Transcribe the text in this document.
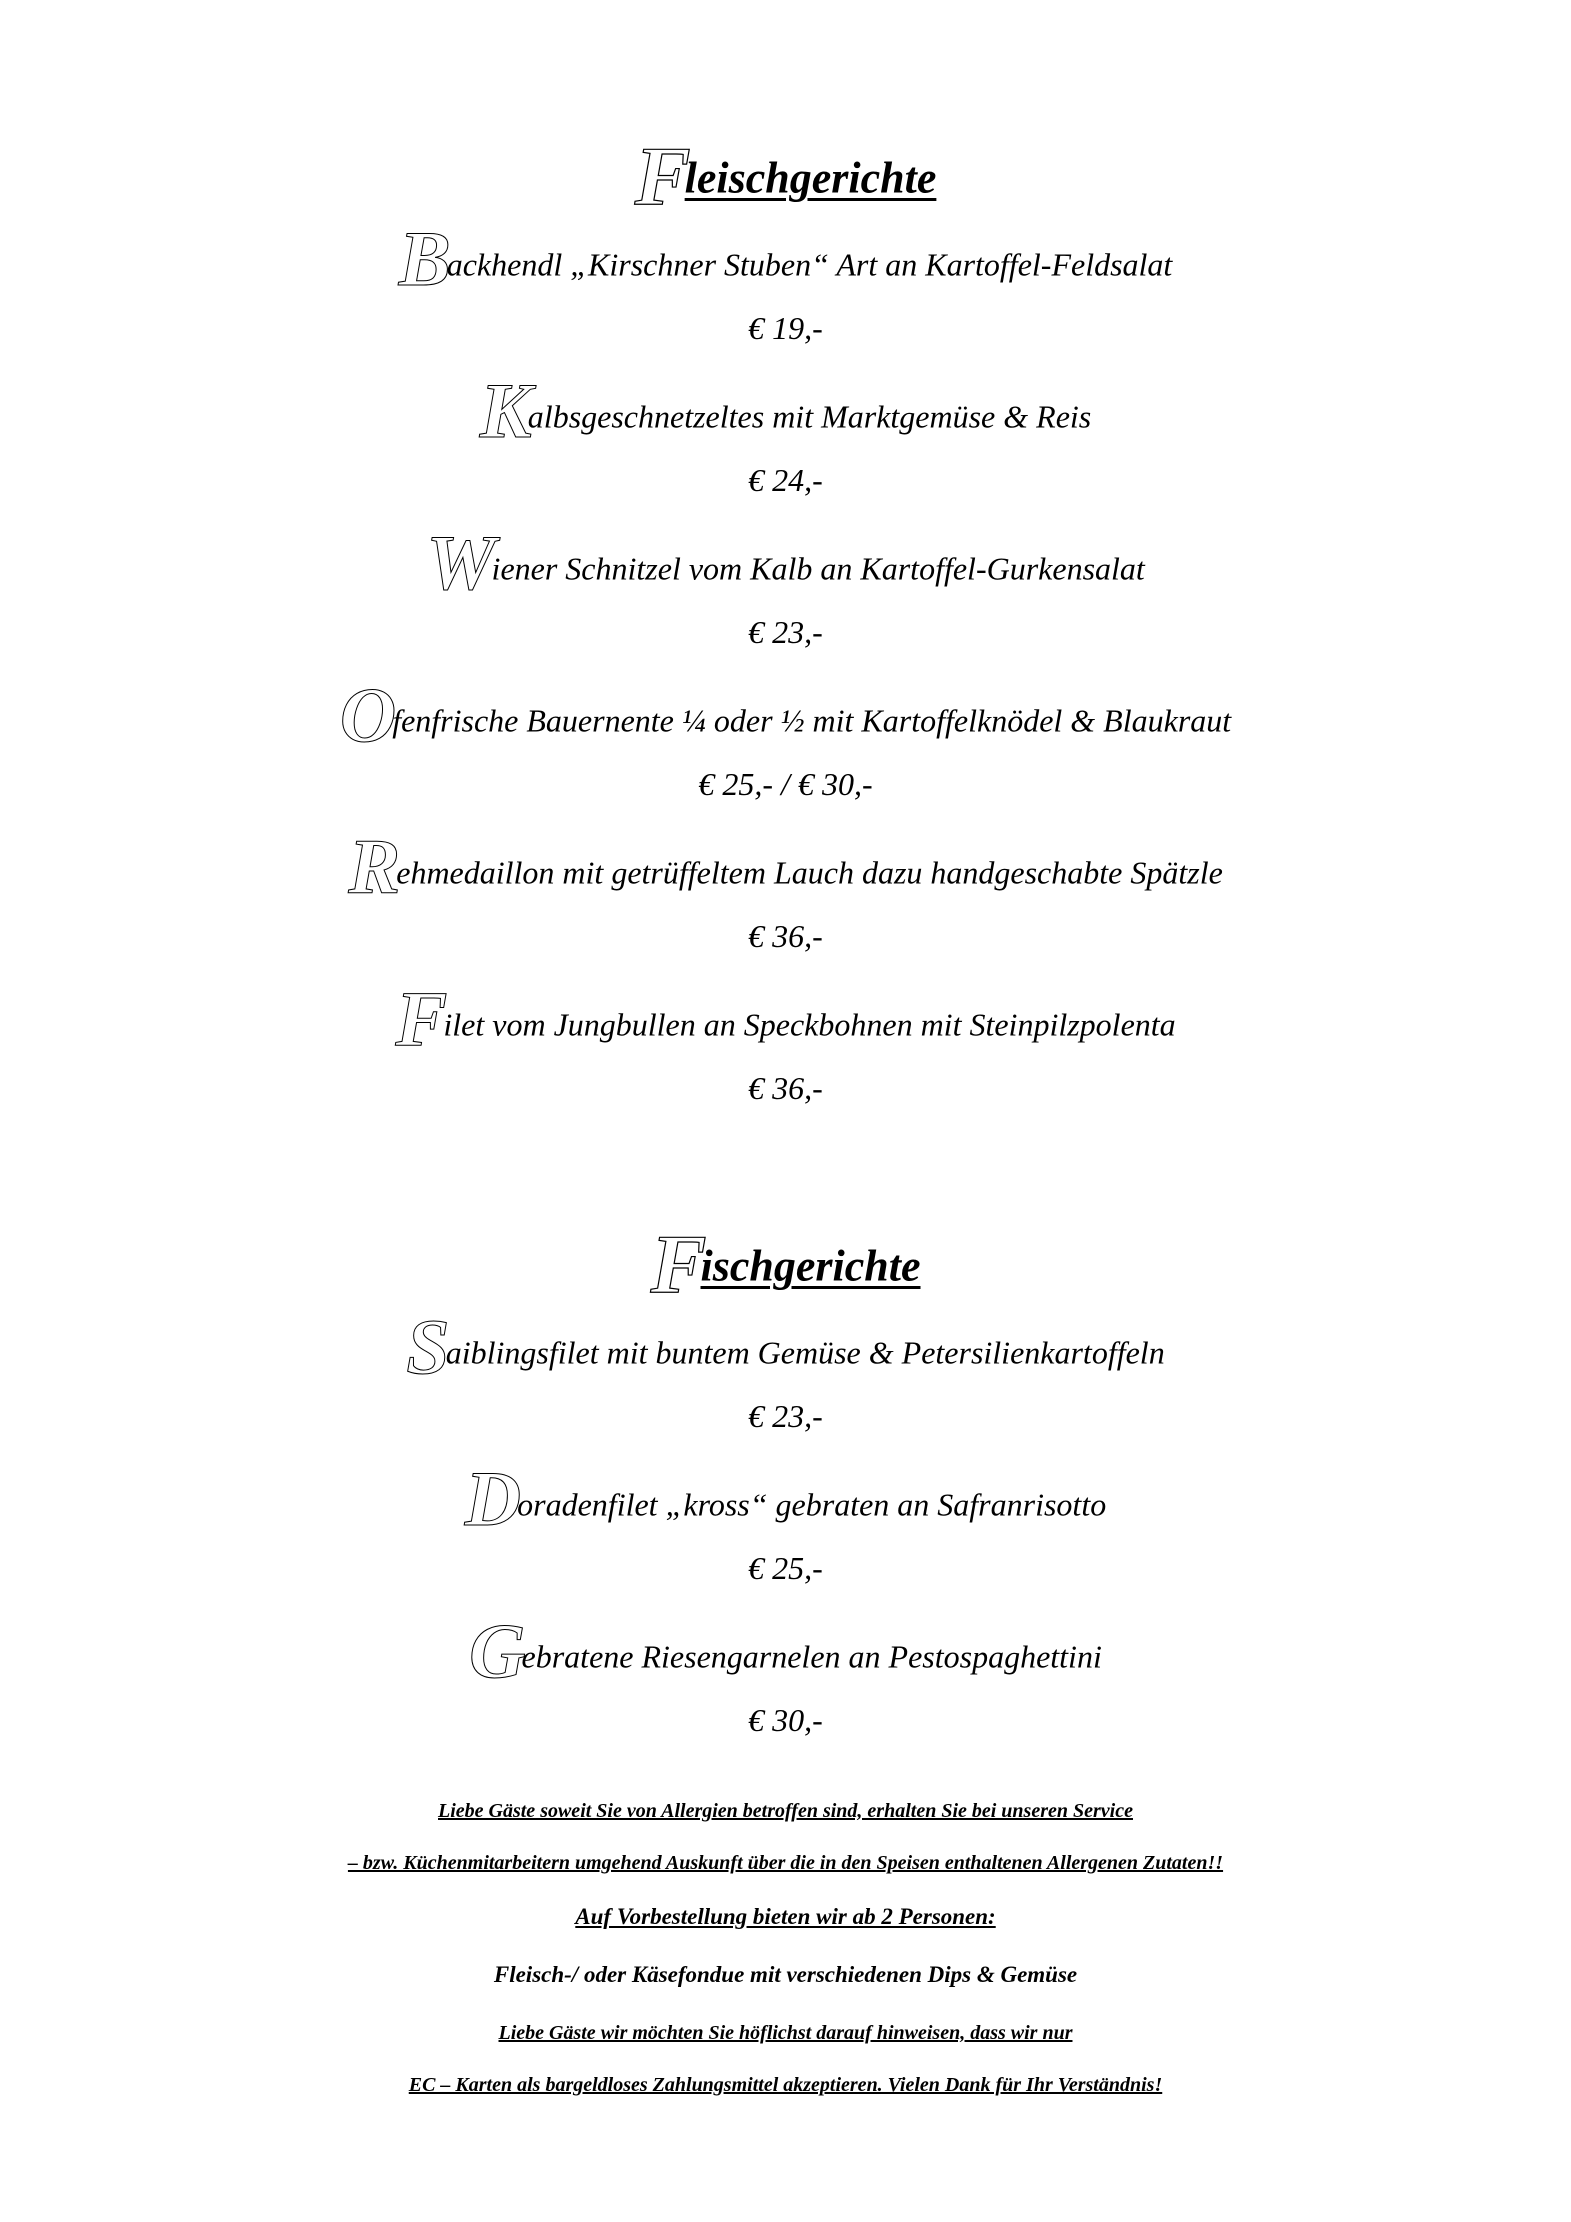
Fleischgerichte
Backhendl „Kirschner Stuben“ Art an Kartoffel-Feldsalat
€ 19,-
Kalbsgeschnetzeltes mit Marktgemüse & Reis
€ 24,-
Wiener Schnitzel vom Kalb an Kartoffel-Gurkensalat
€ 23,-
Ofenfrische Bauernente ¼ oder ½ mit Kartoffelknödel & Blaukraut
€ 25,- / € 30,-
Rehmedaillon mit getrüffeltem Lauch dazu handgeschabte Spätzle
€ 36,-
Filet vom Jungbullen an Speckbohnen mit Steinpilzpolenta
€ 36,-
Fischgerichte
Saiblingsfilet mit buntem Gemüse & Petersilienkartoffeln
€ 23,-
Doradenfilet „kross“ gebraten an Safranrisotto
€ 25,-
Gebratene Riesengarnelen an Pestospaghettini
€ 30,-
Liebe Gäste soweit Sie von Allergien betroffen sind, erhalten Sie bei unseren Service
– bzw. Küchenmitarbeitern umgehend Auskunft über die in den Speisen enthaltenen Allergenen Zutaten!!
Auf Vorbestellung bieten wir ab 2 Personen:
Fleisch-/ oder Käsefondue mit verschiedenen Dips & Gemüse
Liebe Gäste wir möchten Sie höflichst darauf hinweisen, dass wir nur
EC – Karten als bargeldloses Zahlungsmittel akzeptieren. Vielen Dank für Ihr Verständnis!
